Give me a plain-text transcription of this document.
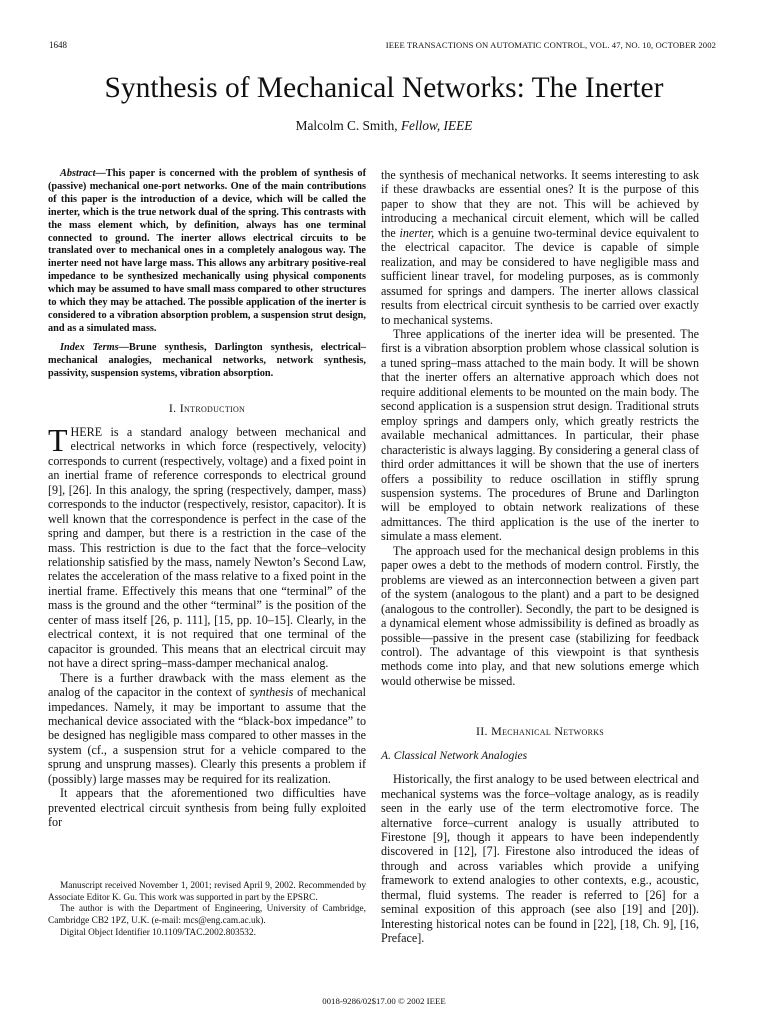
1648	IEEE TRANSACTIONS ON AUTOMATIC CONTROL, VOL. 47, NO. 10, OCTOBER 2002
Synthesis of Mechanical Networks: The Inerter
Malcolm C. Smith, Fellow, IEEE

Abstract—This paper is concerned with the problem of synthesis of (passive) mechanical one-port networks. One of the main contributions of this paper is the introduction of a device, which will be called the inerter, which is the true network dual of the spring. This contrasts with the mass element which, by definition, always has one terminal connected to ground. The inerter allows electrical circuits to be translated over to mechanical ones in a completely analogous way. The inerter need not have large mass. This allows any arbitrary positive-real impedance to be synthesized mechanically using physical components which may be assumed to have small mass compared to other structures to which they may be attached. The possible application of the inerter is considered to a vibration absorption problem, a suspension strut design, and as a simulated mass.

Index Terms—Brune synthesis, Darlington synthesis, electrical–mechanical analogies, mechanical networks, network synthesis, passivity, suspension systems, vibration absorption.

I. Introduction

THERE is a standard analogy between mechanical and electrical networks in which force (respectively, velocity) corresponds to current (respectively, voltage) and a fixed point in an inertial frame of reference corresponds to electrical ground [9], [26]. In this analogy, the spring (respectively, damper, mass) corresponds to the inductor (respectively, resistor, capacitor). It is well known that the correspondence is perfect in the case of the spring and damper, but there is a restriction in the case of the mass. This restriction is due to the fact that the force–velocity relationship satisfied by the mass, namely Newton’s Second Law, relates the acceleration of the mass relative to a fixed point in the inertial frame. Effectively this means that one “terminal” of the mass is the ground and the other “terminal” is the position of the center of mass itself [26, p. 111], [15, pp. 10–15]. Clearly, in the electrical context, it is not required that one terminal of the capacitor is grounded. This means that an electrical circuit may not have a direct spring–mass-damper mechanical analog.

There is a further drawback with the mass element as the analog of the capacitor in the context of synthesis of mechanical impedances. Namely, it may be important to assume that the mechanical device associated with the “black-box impedance” to be designed has negligible mass compared to other masses in the system (cf., a suspension strut for a vehicle compared to the sprung and unsprung masses). Clearly this presents a problem if (possibly) large masses may be required for its realization.

It appears that the aforementioned two difficulties have prevented electrical circuit synthesis from being fully exploited for

the synthesis of mechanical networks. It seems interesting to ask if these drawbacks are essential ones? It is the purpose of this paper to show that they are not. This will be achieved by introducing a mechanical circuit element, which will be called the inerter, which is a genuine two-terminal device equivalent to the electrical capacitor. The device is capable of simple realization, and may be considered to have negligible mass and sufficient linear travel, for modeling purposes, as is commonly assumed for springs and dampers. The inerter allows classical results from electrical circuit synthesis to be carried over exactly to mechanical systems.

Three applications of the inerter idea will be presented. The first is a vibration absorption problem whose classical solution is a tuned spring–mass attached to the main body. It will be shown that the inerter offers an alternative approach which does not require additional elements to be mounted on the main body. The second application is a suspension strut design. Traditional struts employ springs and dampers only, which greatly restricts the available mechanical admittances. In particular, their phase characteristic is always lagging. By considering a general class of third order admittances it will be shown that the use of inerters offers a possibility to reduce oscillation in stiffly sprung suspension systems. The procedures of Brune and Darlington will be employed to obtain network realizations of these admittances. The third application is the use of the inerter to simulate a mass element.

The approach used for the mechanical design problems in this paper owes a debt to the methods of modern control. Firstly, the problems are viewed as an interconnection between a given part of the system (analogous to the plant) and a part to be designed (analogous to the controller). Secondly, the part to be designed is a dynamical element whose admissibility is defined as broadly as possible—passive in the present case (stabilizing for feedback control). The advantage of this viewpoint is that synthesis methods come into play, and that new solutions emerge which would otherwise be missed.

II. Mechanical Networks
A. Classical Network Analogies

Historically, the first analogy to be used between electrical and mechanical systems was the force–voltage analogy, as is readily seen in the early use of the term electromotive force. The alternative force–current analogy is usually attributed to Firestone [9], though it appears to have been independently discovered in [12], [7]. Firestone also introduced the ideas of through and across variables which provide a unifying framework to extend analogies to other contexts, e.g., acoustic, thermal, fluid systems. The reader is referred to [26] for a seminal exposition of this approach (see also [19] and [20]). Interesting historical notes can be found in [22], [18, Ch. 9], [16, Preface].

Manuscript received November 1, 2001; revised April 9, 2002. Recommended by Associate Editor K. Gu. This work was supported in part by the EPSRC.

The author is with the Department of Engineering, University of Cambridge, Cambridge CB2 1PZ, U.K. (e-mail: mcs@eng.cam.ac.uk).

Digital Object Identifier 10.1109/TAC.2002.803532.

0018-9286/02$17.00 © 2002 IEEE
